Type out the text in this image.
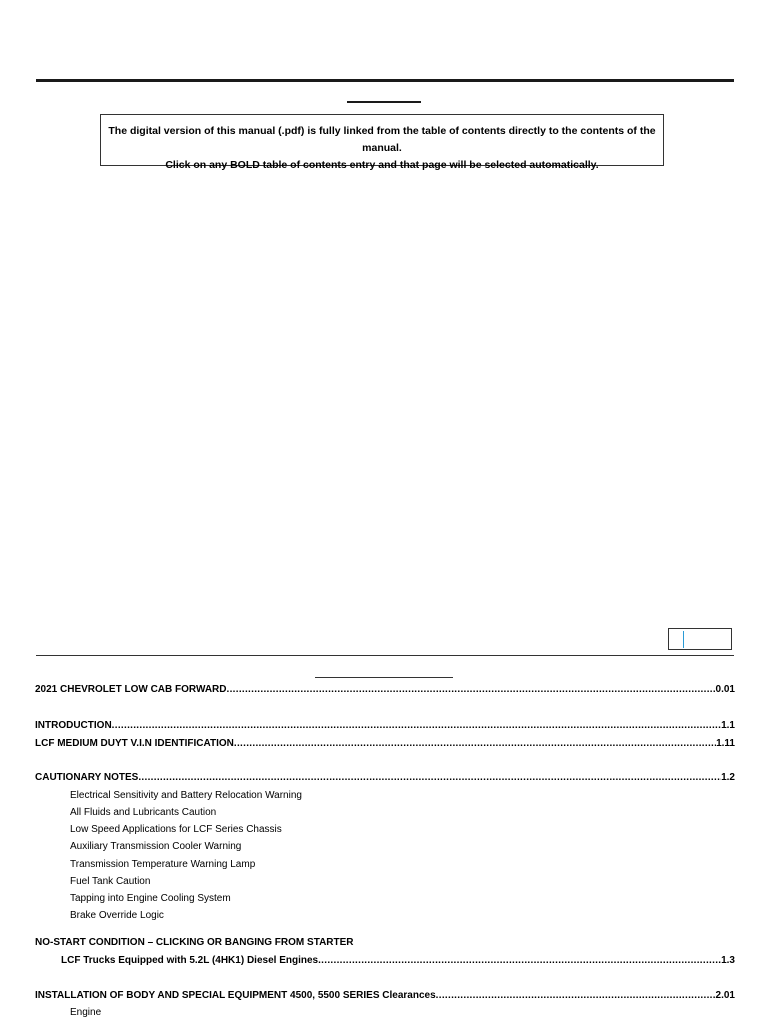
The digital version of this manual (.pdf) is fully linked from the table of contents directly to the contents of the manual.
Click on any BOLD table of contents entry and that page will be selected automatically.
2021 CHEVROLET LOW CAB FORWARD .....	0.01
INTRODUCTION .....	1.1
LCF MEDIUM DUYT V.I.N IDENTIFICATION .....	1.11
CAUTIONARY NOTES .....	1.2
Electrical Sensitivity and Battery Relocation Warning
All Fluids and Lubricants Caution
Low Speed Applications for LCF Series Chassis
Auxiliary Transmission Cooler Warning
Transmission Temperature Warning Lamp
Fuel Tank Caution
Tapping into Engine Cooling System
Brake Override Logic
NO-START CONDITION – CLICKING OR BANGING FROM STARTER
LCF Trucks Equipped with 5.2L (4HK1) Diesel Engines .....	1.3
INSTALLATION OF BODY AND SPECIAL EQUIPMENT 4500, 5500 SERIES Clearances .....	2.01
Engine
